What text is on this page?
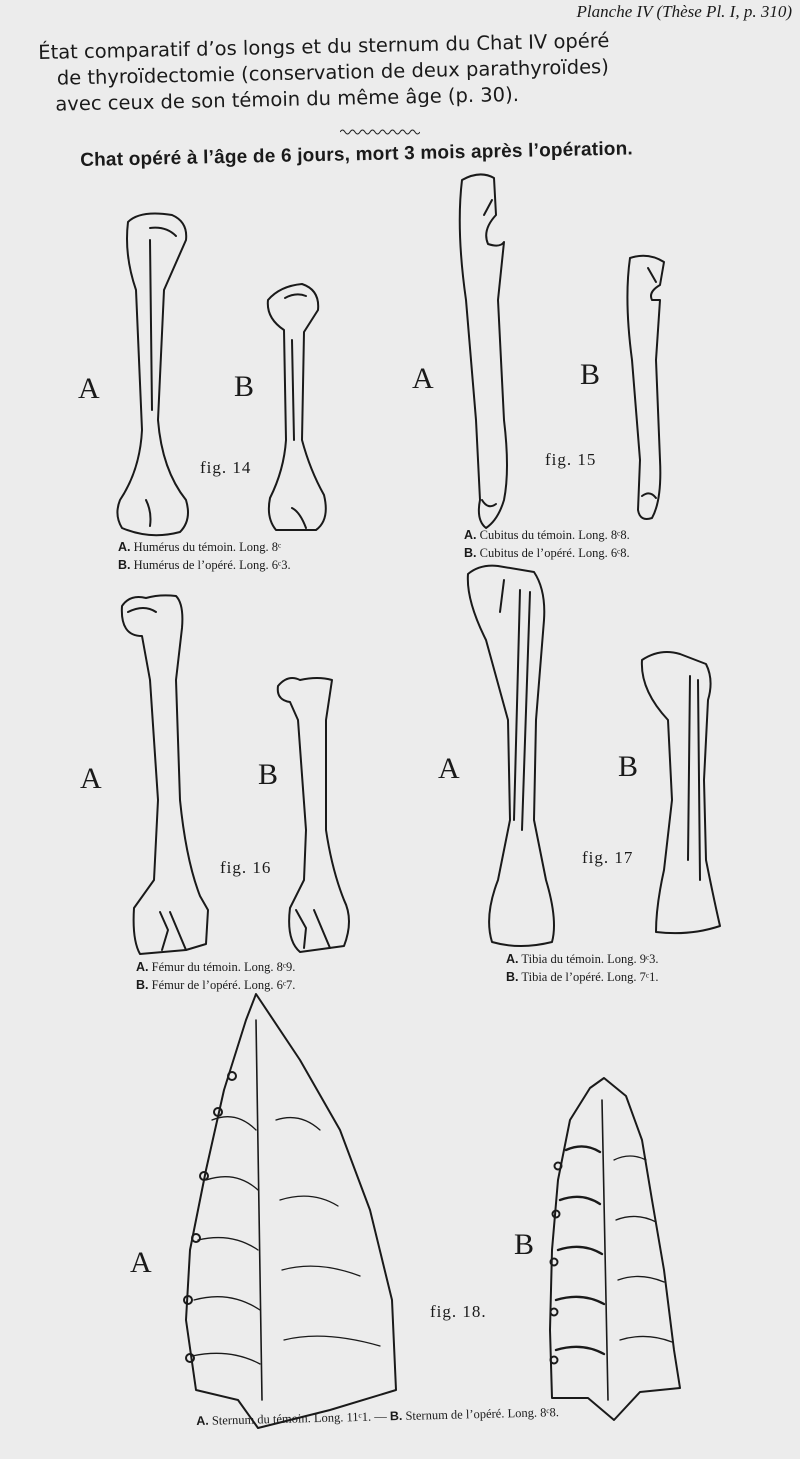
Planche IV (Thèse Pl. I, p. 310)
État comparatif d’os longs et du sternum du Chat IV opéré
de thyroïdectomie (conservation de deux parathyroïdes)
avec ceux de son témoin du même âge (p. 30).
Chat opéré à l’âge de 6 jours, mort 3 mois après l’opération.
A	B
fig. 14
A. Humérus du témoin. Long. 8ᶜ
B. Humérus de l’opéré. Long. 6ᶜ3.
A	B
fig. 15
A. Cubitus du témoin. Long. 8ᶜ8.
B. Cubitus de l’opéré. Long. 6ᶜ8.
A	B
fig. 16
A. Fémur du témoin. Long. 8ᶜ9.
B. Fémur de l’opéré. Long. 6ᶜ7.
A	B
fig. 17
A. Tibia du témoin. Long. 9ᶜ3.
B. Tibia de l’opéré. Long. 7ᶜ1.
A
B
fig. 18.
A. Sternum du témoin. Long. 11ᶜ1. — B. Sternum de l’opéré. Long. 8ᶜ8.
